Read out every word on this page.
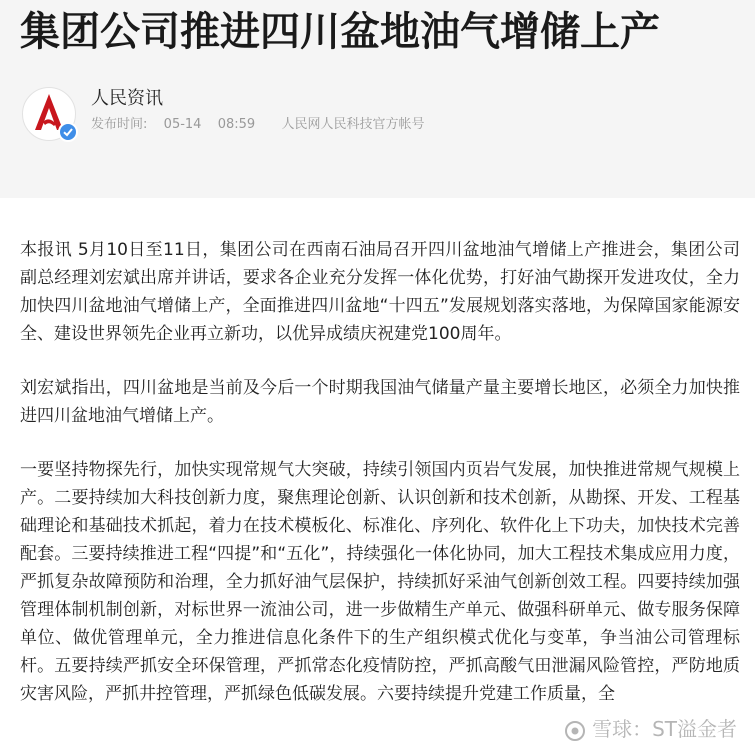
集团公司推进四川盆地油气增储上产
人民资讯
发布时间: 05-14 08:59 人民网人民科技官方帐号

本报讯 5月10日至11日，集团公司在西南石油局召开四川盆地油气增储上产推进会，集团公司副总经理刘宏斌出席并讲话，要求各企业充分发挥一体化优势，打好油气勘探开发进攻仗，全力加快四川盆地油气增储上产，全面推进四川盆地“十四五”发展规划落实落地，为保障国家能源安全、建设世界领先企业再立新功，以优异成绩庆祝建党100周年。

刘宏斌指出，四川盆地是当前及今后一个时期我国油气储量产量主要增长地区，必须全力加快推进四川盆地油气增储上产。

一要坚持物探先行，加快实现常规气大突破，持续引领国内页岩气发展，加快推进常规气规模上产。二要持续加大科技创新力度，聚焦理论创新、认识创新和技术创新，从勘探、开发、工程基础理论和基础技术抓起，着力在技术模板化、标准化、序列化、软件化上下功夫，加快技术完善配套。三要持续推进工程“四提”和“五化”，持续强化一体化协同，加大工程技术集成应用力度，严抓复杂故障预防和治理，全力抓好油气层保护，持续抓好采油气创新创效工程。四要持续加强管理体制机制创新，对标世界一流油公司，进一步做精生产单元、做强科研单元、做专服务保障单位、做优管理单元，全力推进信息化条件下的生产组织模式优化与变革，争当油公司管理标杆。五要持续严抓安全环保管理，严抓常态化疫情防控，严抓高酸气田泄漏风险管控，严防地质灾害风险，严抓井控管理，严抓绿色低碳发展。六要持续提升党建工作质量，全

雪球：ST溢金者
